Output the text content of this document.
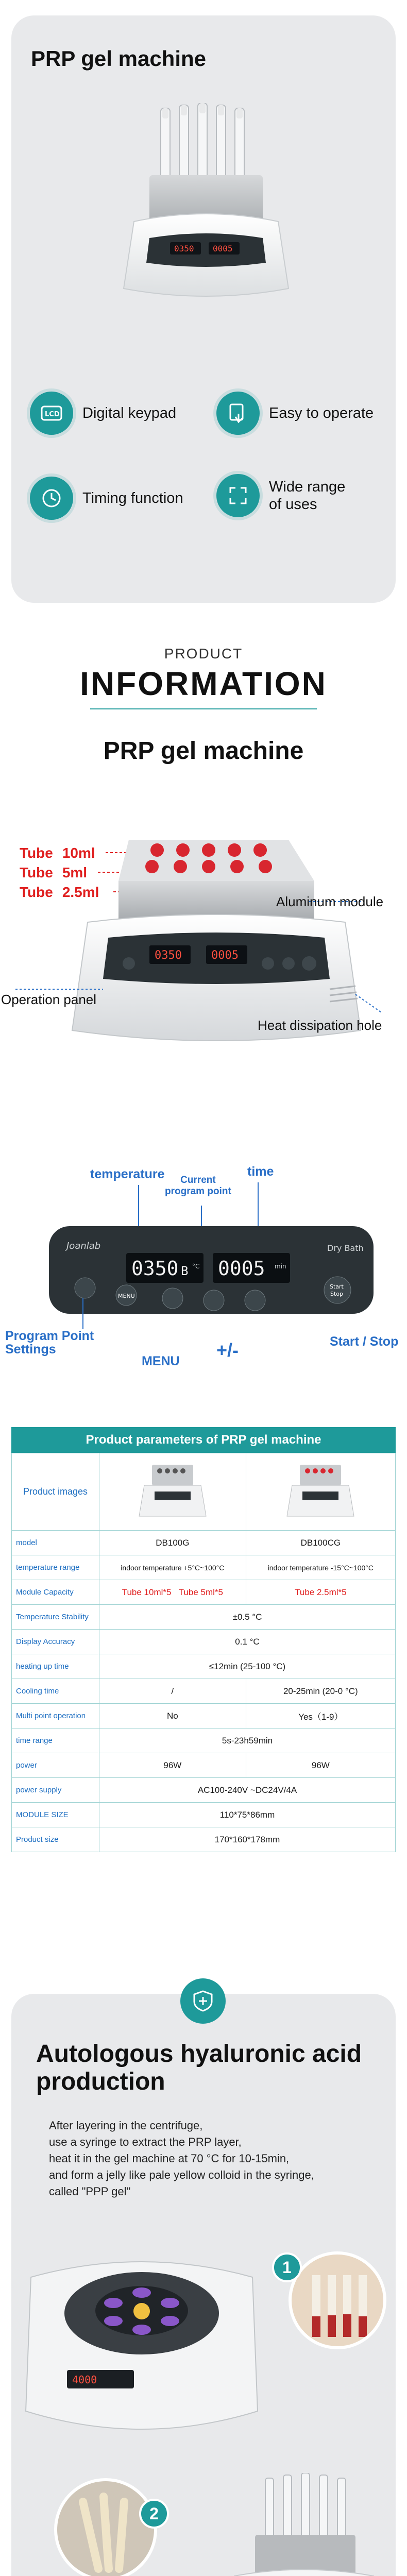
PRP gel machine
0350 0005
LCD Digital keypad	Easy to operate
Timing function
Wide range
of uses
PRODUCT
INFORMATION
PRP gel machine
Tube 10ml
Tube 5ml
Tube 2.5ml
0350	0005
Aluminum module
Operation panel
Heat dissipation hole
temperature	Current
program point
time
Joanlab	Dry Bath
0350 B 0005 min
°C
MENU
Start
Stop
Program Point
Settings
MENU
+/-	Start / Stop
Product parameters of PRP gel machine
Product images		
model	DB100G	DB100CG
temperature range	indoor temperature +5°C~100°C	indoor temperature -15°C~100°C
Module Capacity	Tube 10ml*5 Tube 5ml*5	Tube 2.5ml*5
Temperature Stability	±0.5 °C	
Display Accuracy	0.1 °C	
heating up time	≤12min (25-100 °C)	
Cooling time	/	20-25min (20-0 °C)
Multi point operation	No	Yes（1-9）
time range	5s-23h59min	
power	96W	96W
power supply	AC100-240V ~DC24V/4A	
MODULE SIZE	110*75*86mm	
Product size	170*160*178mm	
Autologous hyaluronic acid
production
After layering in the centrifuge,
use a syringe to extract the PRP layer,
heat it in the gel machine at 70 °C for 10-15min,
and form a jelly like pale yellow colloid in the syringe,
called "PPP gel"
4000
1
2
